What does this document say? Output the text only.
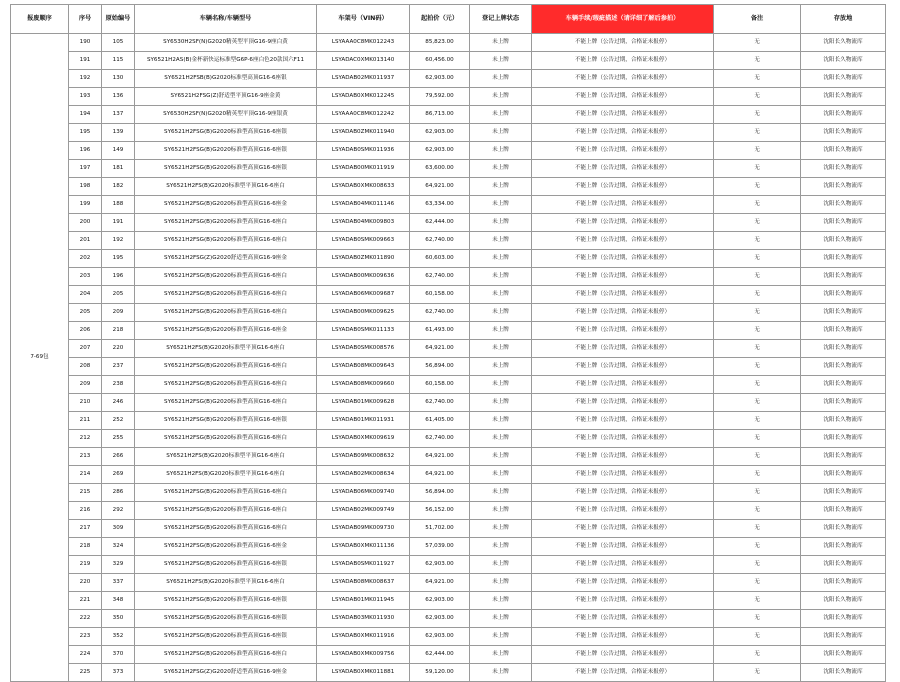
报废顺序	序号	原始编号	车辆名称/车辆型号	车架号（VIN码）	起拍价（元）	登记上牌状态	车辆手续/瑕疵描述（请详细了解后参拍）	备注	存放地
7-69包	190	105	SY6530H2SF(N)G2020精英型平顶G16-9座白黄	LSYAAA0C8MK012243	85,823.00	未上牌	不能上牌（公告过期，合格证未报停）	无	沈阳长久物流库
	191	115	SY6521H2AS(B)金杯新快运标准型G6P-6座白色20款国六F11	LSYADAC0XMK013140	60,456.00	未上牌	不能上牌（公告过期，合格证未报停）	无	沈阳长久物流库
	192	130	SY6521H2FSB(B)G2020标准型高顶G16-6座银	LSYADAB02MK011937	62,903.00	未上牌	不能上牌（公告过期，合格证未报停）	无	沈阳长久物流库
	193	136	SY6521H2FSG(Z)舒适型平顶G16-9座金黄	LSYADAB0XMK012245	79,592.00	未上牌	不能上牌（公告过期，合格证未报停）	无	沈阳长久物流库
	194	137	SY6530H2SF(N)G2020精英型平顶G16-9座银黄	LSYAAA0C8MK012242	86,713.00	未上牌	不能上牌（公告过期，合格证未报停）	无	沈阳长久物流库
	195	139	SY6521H2FSG(B)G2020标准型高顶G16-6座银	LSYADAB0ZMK011940	62,903.00	未上牌	不能上牌（公告过期，合格证未报停）	无	沈阳长久物流库
	196	149	SY6521H2FSG(B)G2020标准型高顶G16-6座银	LSYADAB0SMK011936	62,903.00	未上牌	不能上牌（公告过期，合格证未报停）	无	沈阳长久物流库
	197	181	SY6521H2FSG(B)G2020标准型高顶G16-6座银	LSYADAB00MK011919	63,600.00	未上牌	不能上牌（公告过期，合格证未报停）	无	沈阳长久物流库
	198	182	SY6521H2FS(B)G2020标准型平顶G16-6座白	LSYADAB0XMK008633	64,921.00	未上牌	不能上牌（公告过期，合格证未报停）	无	沈阳长久物流库
	199	188	SY6521H2FSG(B)G2020标准型高顶G16-6座金	LSYADAB04MK011146	63,334.00	未上牌	不能上牌（公告过期，合格证未报停）	无	沈阳长久物流库
	200	191	SY6521H2FSG(B)G2020标准型高顶G16-6座白	LSYADAB04MK009803	62,444.00	未上牌	不能上牌（公告过期，合格证未报停）	无	沈阳长久物流库
	201	192	SY6521H2FSG(B)G2020标准型高顶G16-6座白	LSYADAB0SMK009663	62,740.00	未上牌	不能上牌（公告过期，合格证未报停）	无	沈阳长久物流库
	202	195	SY6521H2FSG(Z)G2020舒适型高顶G16-9座金	LSYADAB0ZMK011890	60,603.00	未上牌	不能上牌（公告过期，合格证未报停）	无	沈阳长久物流库
	203	196	SY6521H2FSG(B)G2020标准型高顶G16-6座白	LSYADAB00MK009636	62,740.00	未上牌	不能上牌（公告过期，合格证未报停）	无	沈阳长久物流库
	204	205	SY6521H2FSG(B)G2020标准型高顶G16-6座白	LSYADAB06MK009687	60,158.00	未上牌	不能上牌（公告过期，合格证未报停）	无	沈阳长久物流库
	205	209	SY6521H2FSG(B)G2020标准型高顶G16-6座白	LSYADAB00MK009625	62,740.00	未上牌	不能上牌（公告过期，合格证未报停）	无	沈阳长久物流库
	206	218	SY6521H2FSG(B)G2020标准型高顶G16-6座金	LSYADAB0SMK011133	61,493.00	未上牌	不能上牌（公告过期，合格证未报停）	无	沈阳长久物流库
	207	220	SY6521H2FS(B)G2020标准型平顶G16-6座白	LSYADAB0SMK008576	64,921.00	未上牌	不能上牌（公告过期，合格证未报停）	无	沈阳长久物流库
	208	237	SY6521H2FSG(B)G2020标准型高顶G16-6座白	LSYADAB08MK009643	56,894.00	未上牌	不能上牌（公告过期，合格证未报停）	无	沈阳长久物流库
	209	238	SY6521H2FSG(B)G2020标准型高顶G16-6座白	LSYADAB08MK009660	60,158.00	未上牌	不能上牌（公告过期，合格证未报停）	无	沈阳长久物流库
	210	246	SY6521H2FSG(B)G2020标准型高顶G16-6座白	LSYADAB01MK009628	62,740.00	未上牌	不能上牌（公告过期，合格证未报停）	无	沈阳长久物流库
	211	252	SY6521H2FSG(B)G2020标准型高顶G16-6座银	LSYADAB01MK011931	61,405.00	未上牌	不能上牌（公告过期，合格证未报停）	无	沈阳长久物流库
	212	255	SY6521H2FSG(B)G2020标准型高顶G16-6座白	LSYADAB0XMK009619	62,740.00	未上牌	不能上牌（公告过期，合格证未报停）	无	沈阳长久物流库
	213	266	SY6521H2FS(B)G2020标准型平顶G16-6座白	LSYADAB09MK008632	64,921.00	未上牌	不能上牌（公告过期，合格证未报停）	无	沈阳长久物流库
	214	269	SY6521H2FS(B)G2020标准型平顶G16-6座白	LSYADAB02MK008634	64,921.00	未上牌	不能上牌（公告过期，合格证未报停）	无	沈阳长久物流库
	215	286	SY6521H2FSG(B)G2020标准型高顶G16-6座白	LSYADAB06MK009740	56,894.00	未上牌	不能上牌（公告过期，合格证未报停）	无	沈阳长久物流库
	216	292	SY6521H2FSG(B)G2020标准型高顶G16-6座白	LSYADAB02MK009749	56,152.00	未上牌	不能上牌（公告过期，合格证未报停）	无	沈阳长久物流库
	217	309	SY6521H2FSG(B)G2020标准型高顶G16-6座白	LSYADAB09MK009730	51,702.00	未上牌	不能上牌（公告过期，合格证未报停）	无	沈阳长久物流库
	218	324	SY6521H2FSG(B)G2020标准型高顶G16-6座金	LSYADAB0XMK011136	57,039.00	未上牌	不能上牌（公告过期，合格证未报停）	无	沈阳长久物流库
	219	329	SY6521H2FSG(B)G2020标准型高顶G16-6座银	LSYADAB0SMK011927	62,903.00	未上牌	不能上牌（公告过期，合格证未报停）	无	沈阳长久物流库
	220	337	SY6521H2FS(B)G2020标准型平顶G16-6座白	LSYADAB08MK008637	64,921.00	未上牌	不能上牌（公告过期，合格证未报停）	无	沈阳长久物流库
	221	348	SY6521H2FSG(B)G2020标准型高顶G16-6座银	LSYADAB01MK011945	62,903.00	未上牌	不能上牌（公告过期，合格证未报停）	无	沈阳长久物流库
	222	350	SY6521H2FSG(B)G2020标准型高顶G16-6座银	LSYADAB03MK011930	62,903.00	未上牌	不能上牌（公告过期，合格证未报停）	无	沈阳长久物流库
	223	352	SY6521H2FSG(B)G2020标准型高顶G16-6座银	LSYADAB0XMK011916	62,903.00	未上牌	不能上牌（公告过期，合格证未报停）	无	沈阳长久物流库
	224	370	SY6521H2FSG(B)G2020标准型高顶G16-6座白	LSYADAB0XMK009756	62,444.00	未上牌	不能上牌（公告过期，合格证未报停）	无	沈阳长久物流库
	225	373	SY6521H2FSG(Z)G2020舒适型高顶G16-9座金	LSYADAB0XMK011881	59,120.00	未上牌	不能上牌（公告过期，合格证未报停）	无	沈阳长久物流库
